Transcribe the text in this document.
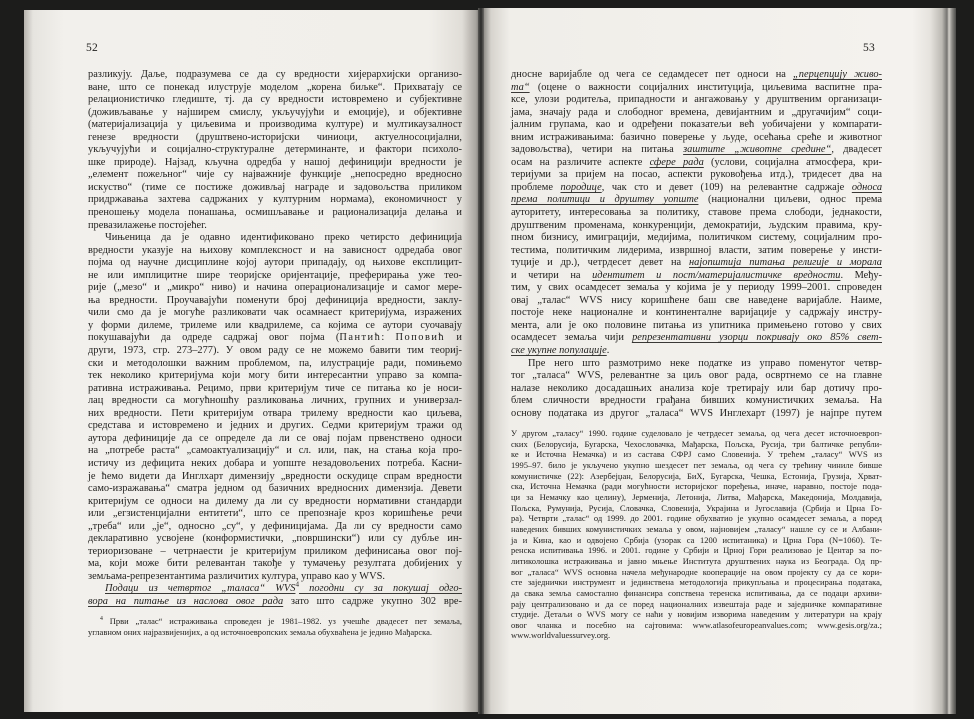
52	53
разликују. Даље, подразумева се да су вредности хијерархијски организо-
ване, што се понекад илуструје моделом „корена биљке“. Прихватају се
релационистичко гледиште, тј. да су вредности истовремено и субјективне
(доживљавање у најширем смислу, укључујући и емоције), и објективне
(материјализација у циљевима и производима културе) и мултикаузалност
генезе вредности (друштвено-историјски чиниоци, актуелносоцијални,
укључујући и социјално-структуралне детерминанте, и фактори психоло-
шке природе). Најзад, кључна одредба у нашој дефиницији вредности је
„елемент пожељног“ чије су најважније функције „непосредно вредносно
искуство“ (тиме се постиже доживљај награде и задовољства приликом
придржавања захтева садржаних у културним нормама), економичност у
преношењу модела понашања, осмишљавање и рационализација делања и
превазилажење постојећег.
Чињеница да је одавно идентификовано преко четирсто дефиниција
вредности указује на њихову комплексност и на зависност одредаба овог
појма од научне дисциплине којој аутори припадају, од њихове експлицит-
не или имплицитне шире теоријске оријентације, преферирања уже тео-
рије („мезо“ и „микро“ ниво) и начина операционализације и самог мере-
ња вредности. Проучавајући поменути број дефиниција вредности, заклу-
чили смо да је могуће разликовати чак осамнаест критеријума, изражених
у форми дилеме, трилеме или квадрилеме, са којима се аутори суочавају
покушавајући да одреде садржај овог појма (Пантић: Поповић и
други, 1973, стр. 273–277). У овом раду се не можемо бавити тим теориј-
ски и методолошки важним проблемом, па, илустрације ради, помињемо
тек неколико критеријума који могу бити интересантни управо за компа-
ративна истраживања. Рецимо, први критеријум тиче се питања ко је носи-
лац вредности са могућношћу разликовања личних, групних и универзал-
них вредности. Пети критеријум отвара трилему вредности као циљева,
средстава и истовремено и једних и других. Седми критеријум тражи од
аутора дефиниције да се определе да ли се овај појам првенствено односи
на „потребе раста“ „самоактуализацију“ и сл. или, пак, на стања која про-
истичу из дефицита неких добара и уопште незадовољених потреба. Касни-
је ћемо видети да Инглхарт димензију „вредности оскудице спрам вредности
само-изражавања“ сматра једном од базичних вредносних димензија. Девети
критеријум се односи на дилему да ли су вредности нормативни стандарди
или „егзистенцијални ентитети“, што се препознаје кроз коришћење речи
„треба“ или „је“, односно „су“, у дефиницијама. Да ли су вредности само
декларативно усвојене (конформистички, „површински“) или су дубље ин-
териоризоване – четрнаести је критеријум приликом дефинисања овог пој-
ма, који може бити релевантан такође у тумачењу резултата добијених у
земљама-репрезентантима различитих култура, управо као у WVS.
Подаци из четвртог „таласа“ WVS$^4$ погодни су за покушај одго-
вора на питање из наслова овог рада зато што садрже укупно 302 вре-
$^4$ Први „талас“ истраживања спроведен је 1981–1982. уз учешће двадесет пет земаља,
углавном оних најразвијенијих, а од источноевропских земаља обухваћена је једино Мађарска.
дносне варијабле од чега се седамдесет пет односи на „перцепцију живо-
та“ (оцене о важности социјалних институција, циљевима васпитне пра-
ксе, улози родитеља, припадности и ангажовању у друштвеним организаци-
јама, значају рада и слободног времена, девијантним и „другачијим“ соци-
јалним групама, као и одређени показатељи већ уобичајени у компарати-
вним истраживањима: базично поверење у људе, осећања среће и животног
задовољства), четири на питања заштите „животне средине“, двадесет
осам на различите аспекте сфере рада (услови, социјална атмосфера, кри-
теријуми за пријем на посао, аспекти руковођења итд.), тридесет два на
проблеме породице, чак сто и девет (109) на релевантне садржаје односа
према политици и друштву уопште (национални циљеви, однос према
ауторитету, интересовања за политику, ставове према слободи, једнакости,
друштвеним променама, конкуренцији, демократији, људским правима, кру-
пном бизнису, имиграцији, медијима, политичком систему, социјалним про-
тестима, политичким лидерима, извршној власти, затим поверење у инсти-
туције и др.), четрдесет девет на најопштија питања религије и морала
и четири на идентитет и пост/материјалистичке вредности. Међу-
тим, у свих осамдесет земаља у којима је у периоду 1999–2001. спроведен
овај „талас“ WVS нису коришћене баш све наведене варијабле. Наиме,
постоје неке националне и континенталне варијације у садржају инстру-
мента, али је око половине питања из упитника примењено готово у свих
осамдесет земаља чији репрезентативни узорци покривају око 85% свет-
ске укупне популације.
Пре него што размотримо неке податке из управо поменутог четвр-
тог „таласа“ WVS, релевантне за циљ овог рада, освртнемо се на главне
налазе неколико досадашњих анализа које третирају или бар дотичу про-
блем сличности вредности грађана бивших комунистичких земаља. На
основу података из другог „таласа“ WVS Инглехарт (1997) је најпре путем
У другом „таласу“ 1990. године суделовало је четрдесет земаља, од чега десет источноевроп-
ских (Белорусија, Бугарска, Чехословачка, Мађарска, Пољска, Русија, три балтичке републи-
ке и Источна Немачка) и из састава СФРЈ само Словенија. У трећем „таласу“ WVS из
1995–97. било је укључено укупно шездесет пет земаља, од чега су трећину чиниле бивше
комунистичке (22): Азербејџан, Белорусија, БиХ, Бугарска, Чешка, Естонија, Грузија, Хрват-
ска, Источна Немачка (ради могућности историјског поређења, иначе, наравно, постоје пода-
ци за Немачку као целину), Јерменија, Летонија, Литва, Мађарска, Македонија, Молдавија,
Пољска, Румунија, Русија, Словачка, Словенија, Украјина и Југославија (Србија и Црна Го-
ра). Четврти „талас“ од 1999. до 2001. године обухватио је укупно осамдесет земаља, а поред
наведених бивших комунистичких земаља у овом, најновијем „таласу“ нашле су се и Албани-
ја и Кина, као и одвојено Србија (узорак са 1200 испитаника) и Црна Гора (N=1060). Те-
ренска испитивања 1996. и 2001. године у Србији и Црној Гори реализовао је Центар за по-
литиколошка истраживања и јавно мњење Института друштвених наука из Београда. Од пр-
вог „таласа“ WVS основна начела међународне кооперације на овом пројекту су да се кори-
сте заједнички инструмент и јединствена методологија прикупљања и процесирања података,
да свака земља самостално финансира сопствена теренска испитивања, да се подаци архиви-
рају централизовано и да се поред националних извештаја раде и заједничке компаративне
студије. Детаљи о WVS могу се наћи у новијим изворима наведеним у литератури на крају
овог чланка и посебно на сајтовима: www.atlasofeuropeanvalues.com; www.gesis.org/za.;
www.worldvaluessurvey.org.
